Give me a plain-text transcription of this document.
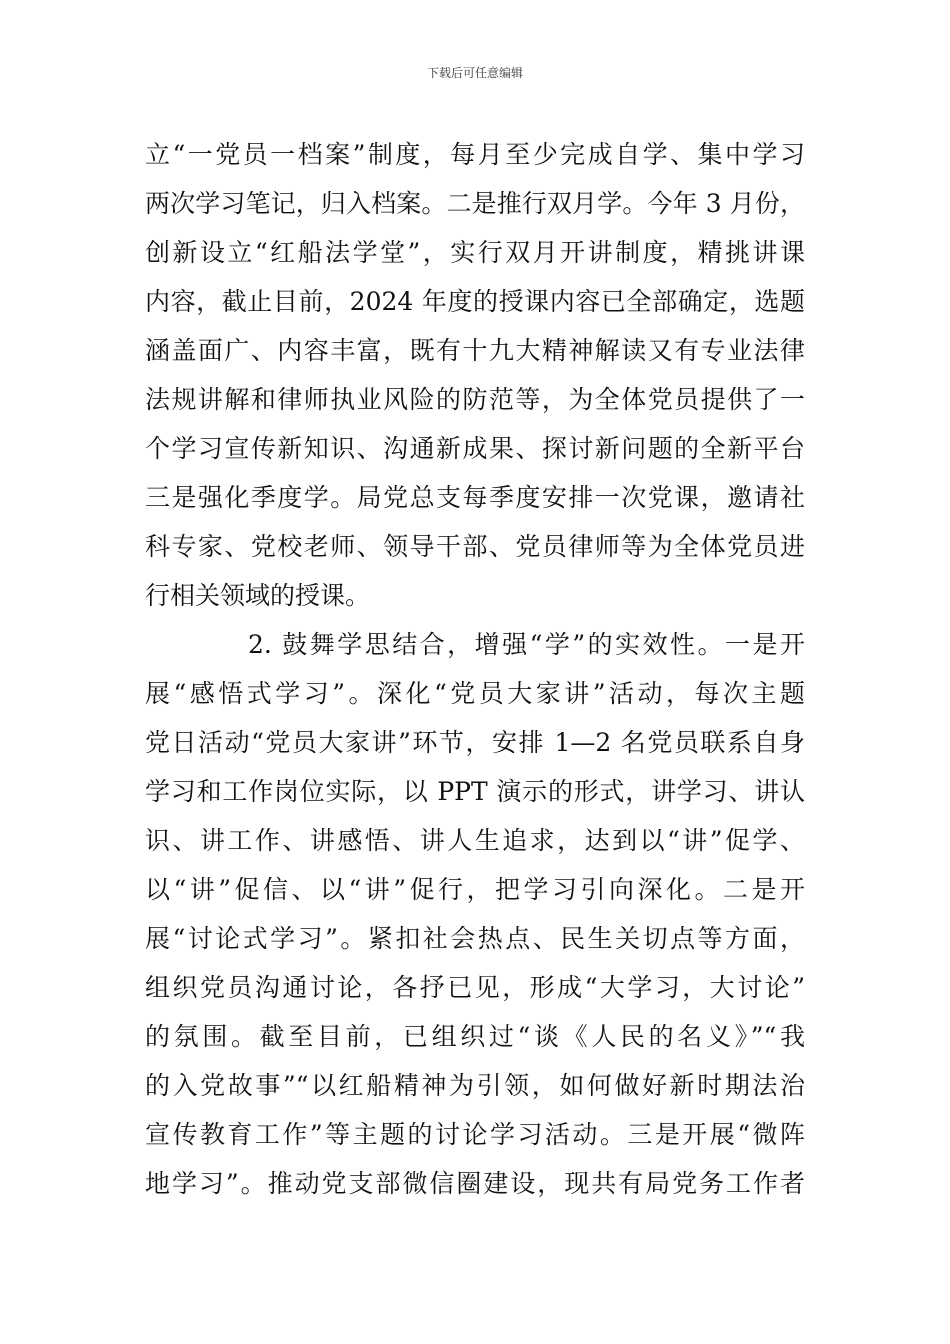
下载后可任意编辑
立“一党员一档案”制度，每月至少完成自学、集中学习
两次学习笔记，归入档案。二是推行双月学。今年 3 月份，
创新设立“红船法学堂”，实行双月开讲制度，精挑讲课
内容，截止目前，2024 年度的授课内容已全部确定，选题
涵盖面广、内容丰富，既有十九大精神解读又有专业法律
法规讲解和律师执业风险的防范等，为全体党员提供了一
个学习宣传新知识、沟通新成果、探讨新问题的全新平台
三是强化季度学。局党总支每季度安排一次党课，邀请社
科专家、党校老师、领导干部、党员律师等为全体党员进
行相关领域的授课。
2. 鼓舞学思结合，增强“学”的实效性。一是开
展“感悟式学习”。深化“党员大家讲”活动，每次主题
党日活动“党员大家讲”环节，安排 1—2 名党员联系自身
学习和工作岗位实际，以 PPT 演示的形式，讲学习、讲认
识、讲工作、讲感悟、讲人生追求，达到以“讲”促学、
以“讲”促信、以“讲”促行，把学习引向深化。二是开
展“讨论式学习”。紧扣社会热点、民生关切点等方面，
组织党员沟通讨论，各抒已见，形成“大学习，大讨论”
的氛围。截至目前，已组织过“谈《人民的名义》”“我
的入党故事”“以红船精神为引领，如何做好新时期法治
宣传教育工作”等主题的讨论学习活动。三是开展“微阵
地学习”。推动党支部微信圈建设，现共有局党务工作者
